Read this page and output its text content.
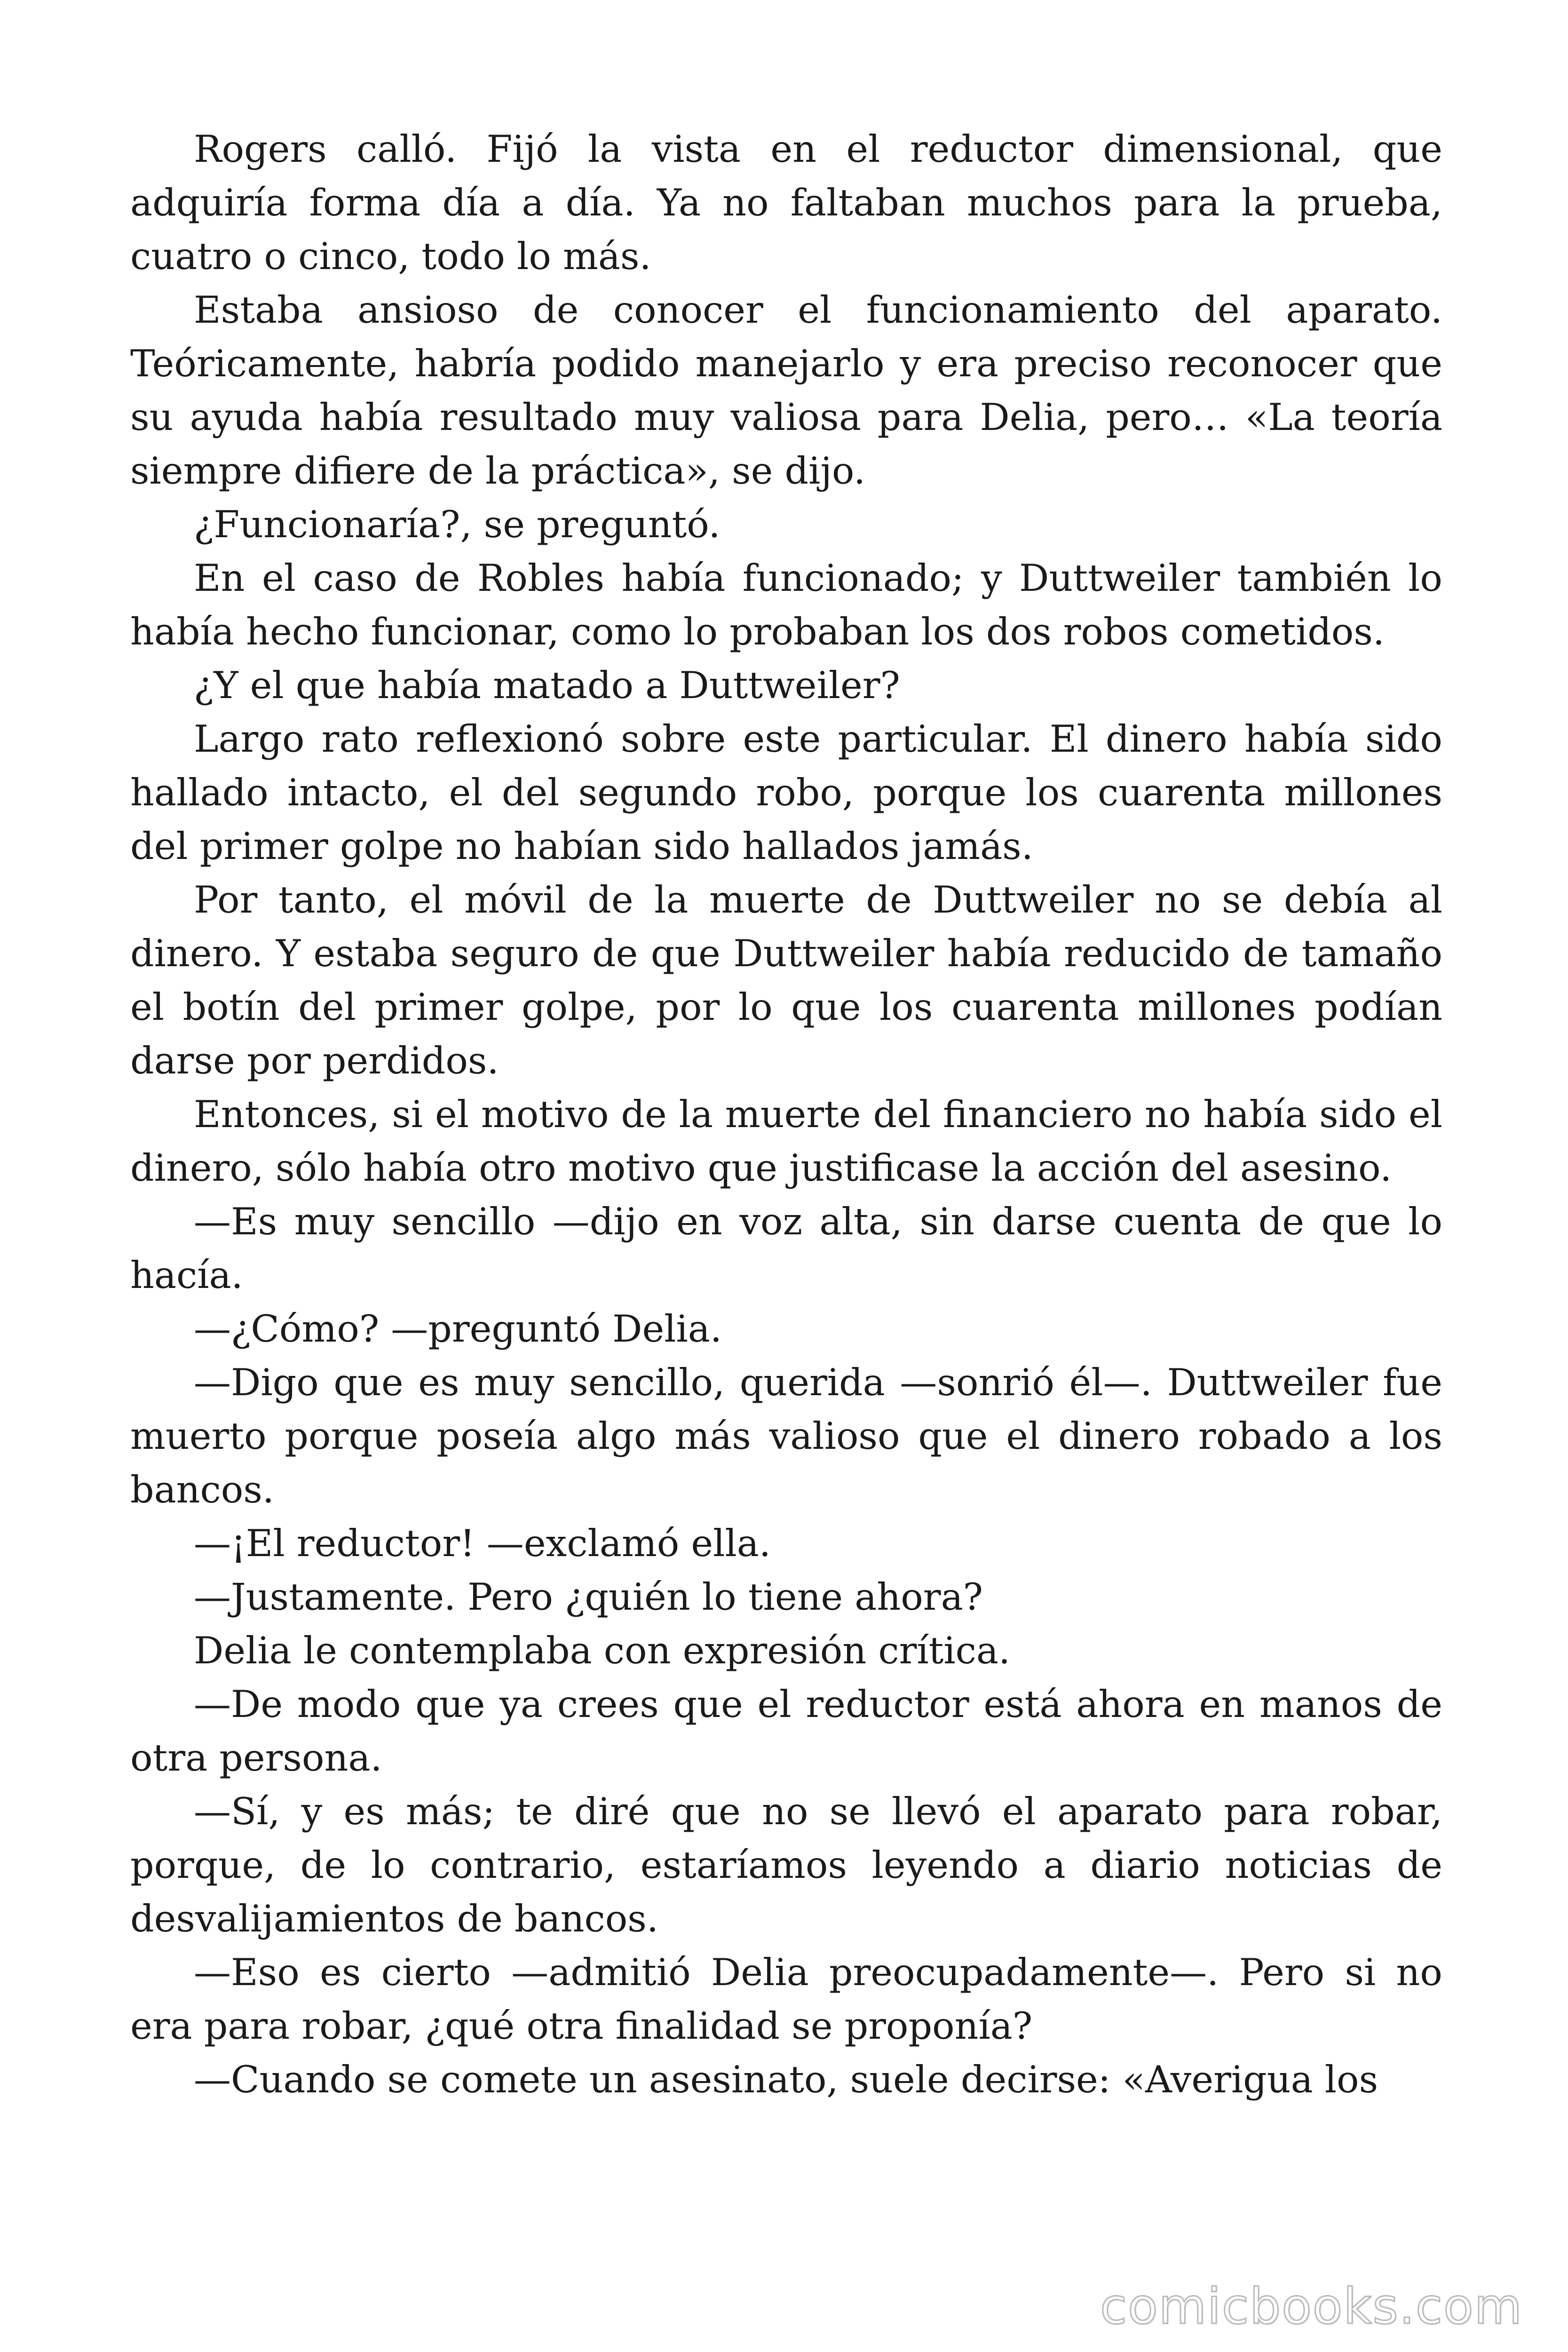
Rogers calló. Fijó la vista en el reductor dimensional, que adquiría forma día a día. Ya no faltaban muchos para la prueba, cuatro o cinco, todo lo más.

Estaba ansioso de conocer el funcionamiento del aparato. Teóricamente, habría podido manejarlo y era preciso reconocer que su ayuda había resultado muy valiosa para Delia, pero… «La teoría siempre difiere de la práctica», se dijo.

¿Funcionaría?, se preguntó.

En el caso de Robles había funcionado; y Duttweiler también lo había hecho funcionar, como lo probaban los dos robos cometidos.

¿Y el que había matado a Duttweiler?

Largo rato reflexionó sobre este particular. El dinero había sido hallado intacto, el del segundo robo, porque los cuarenta millones del primer golpe no habían sido hallados jamás.

Por tanto, el móvil de la muerte de Duttweiler no se debía al dinero. Y estaba seguro de que Duttweiler había reducido de tamaño el botín del primer golpe, por lo que los cuarenta millones podían darse por perdidos.

Entonces, si el motivo de la muerte del financiero no había sido el dinero, sólo había otro motivo que justificase la acción del asesino.

—Es muy sencillo —dijo en voz alta, sin darse cuenta de que lo hacía.

—¿Cómo? —preguntó Delia.

—Digo que es muy sencillo, querida —sonrió él—. Duttweiler fue muerto porque poseía algo más valioso que el dinero robado a los bancos.

—¡El reductor! —exclamó ella.

—Justamente. Pero ¿quién lo tiene ahora?

Delia le contemplaba con expresión crítica.

—De modo que ya crees que el reductor está ahora en manos de otra persona.

—Sí, y es más; te diré que no se llevó el aparato para robar, porque, de lo contrario, estaríamos leyendo a diario noticias de desvalijamientos de bancos.

—Eso es cierto —admitió Delia preocupadamente—. Pero si no era para robar, ¿qué otra finalidad se proponía?

—Cuando se comete un asesinato, suele decirse: «Averigua los

comicbooks.com
